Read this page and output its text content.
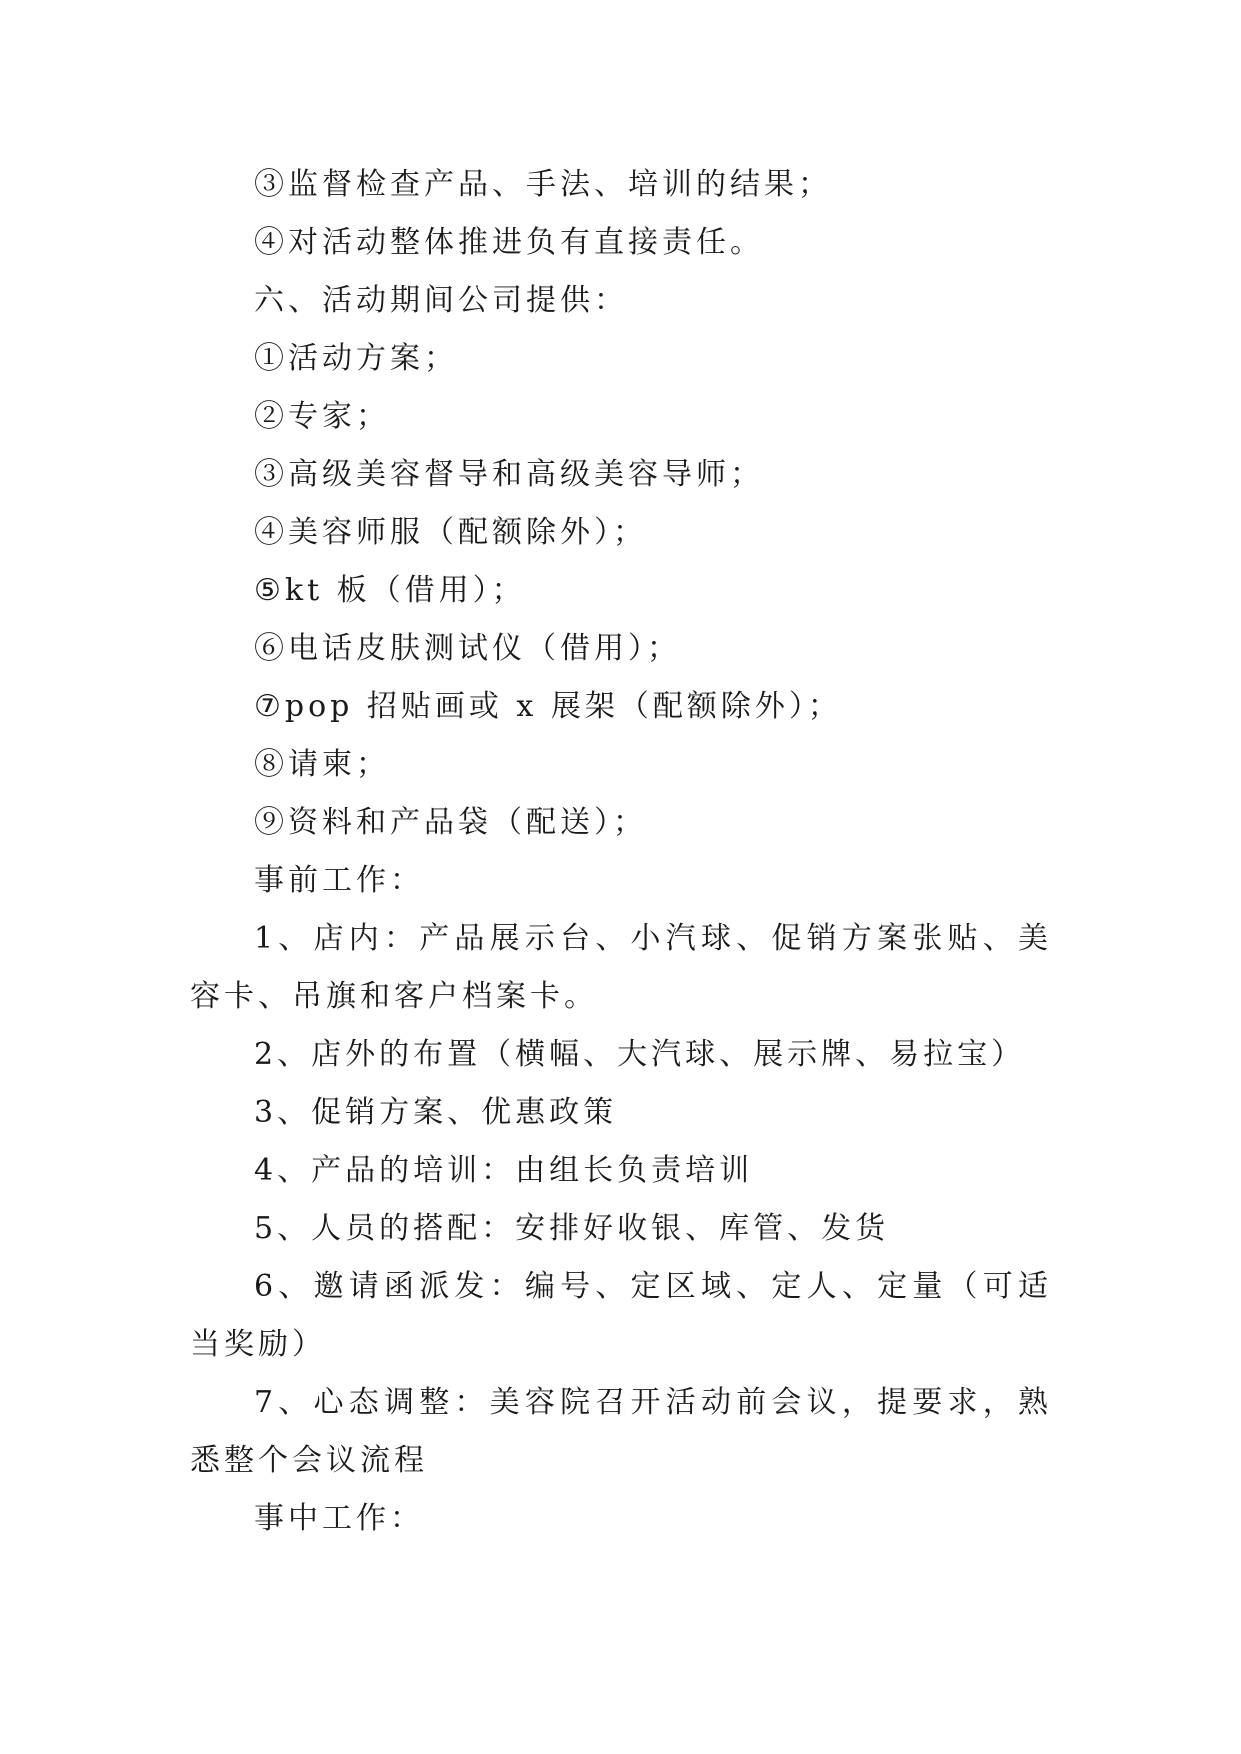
③监督检查产品、手法、培训的结果；

④对活动整体推进负有直接责任。

六、活动期间公司提供：

①活动方案；

②专家；

③高级美容督导和高级美容导师；

④美容师服（配额除外）；

⑤kt 板（借用）；

⑥电话皮肤测试仪（借用）；

⑦pop 招贴画或 x 展架（配额除外）；

⑧请柬；

⑨资料和产品袋（配送）；

事前工作：

1、店内：产品展示台、小汽球、促销方案张贴、美容卡、吊旗和客户档案卡。

2、店外的布置（横幅、大汽球、展示牌、易拉宝）

3、促销方案、优惠政策

4、产品的培训：由组长负责培训

5、人员的搭配：安排好收银、库管、发货

6、邀请函派发：编号、定区域、定人、定量（可适当奖励）

7、心态调整：美容院召开活动前会议，提要求，熟悉整个会议流程

事中工作：
